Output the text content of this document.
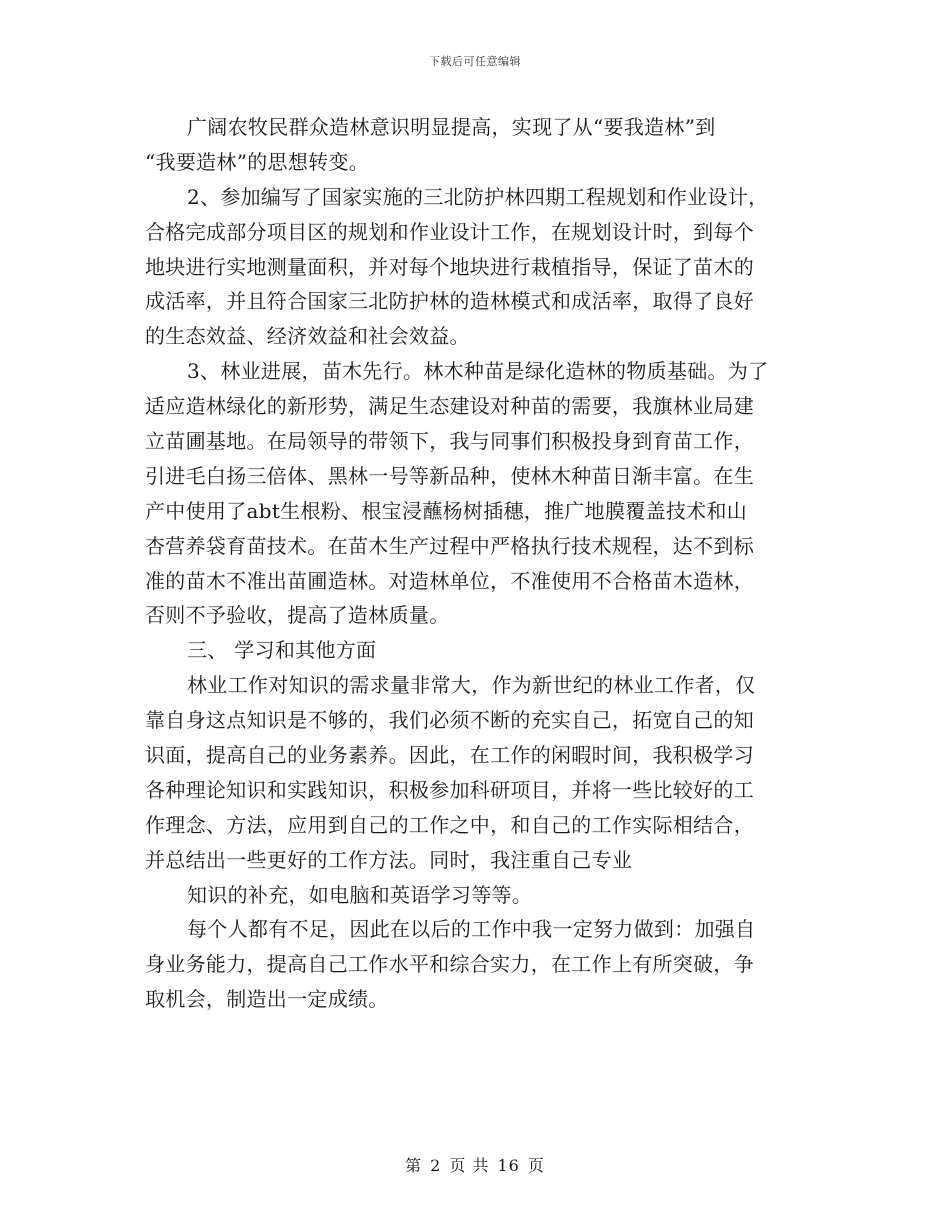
下载后可任意编辑
广阔农牧民群众造林意识明显提高，实现了从“要我造林”到
“我要造林”的思想转变。
2、参加编写了国家实施的三北防护林四期工程规划和作业设计，
合格完成部分项目区的规划和作业设计工作，在规划设计时，到每个
地块进行实地测量面积，并对每个地块进行栽植指导，保证了苗木的
成活率，并且符合国家三北防护林的造林模式和成活率，取得了良好
的生态效益、经济效益和社会效益。
3、林业进展，苗木先行。林木种苗是绿化造林的物质基础。为了
适应造林绿化的新形势，满足生态建设对种苗的需要，我旗林业局建
立苗圃基地。在局领导的带领下，我与同事们积极投身到育苗工作，
引进毛白扬三倍体、黑林一号等新品种，使林木种苗日渐丰富。在生
产中使用了abt生根粉、根宝浸蘸杨树插穗，推广地膜覆盖技术和山
杏营养袋育苗技术。在苗木生产过程中严格执行技术规程，达不到标
准的苗木不准出苗圃造林。对造林单位，不准使用不合格苗木造林，
否则不予验收，提高了造林质量。
三、 学习和其他方面
林业工作对知识的需求量非常大，作为新世纪的林业工作者，仅
靠自身这点知识是不够的，我们必须不断的充实自己，拓宽自己的知
识面，提高自己的业务素养。因此，在工作的闲暇时间，我积极学习
各种理论知识和实践知识，积极参加科研项目，并将一些比较好的工
作理念、方法，应用到自己的工作之中，和自己的工作实际相结合，
并总结出一些更好的工作方法。同时，我注重自己专业
知识的补充，如电脑和英语学习等等。
每个人都有不足，因此在以后的工作中我一定努力做到：加强自
身业务能力，提高自己工作水平和综合实力，在工作上有所突破，争
取机会，制造出一定成绩。
第 2 页 共 16 页
